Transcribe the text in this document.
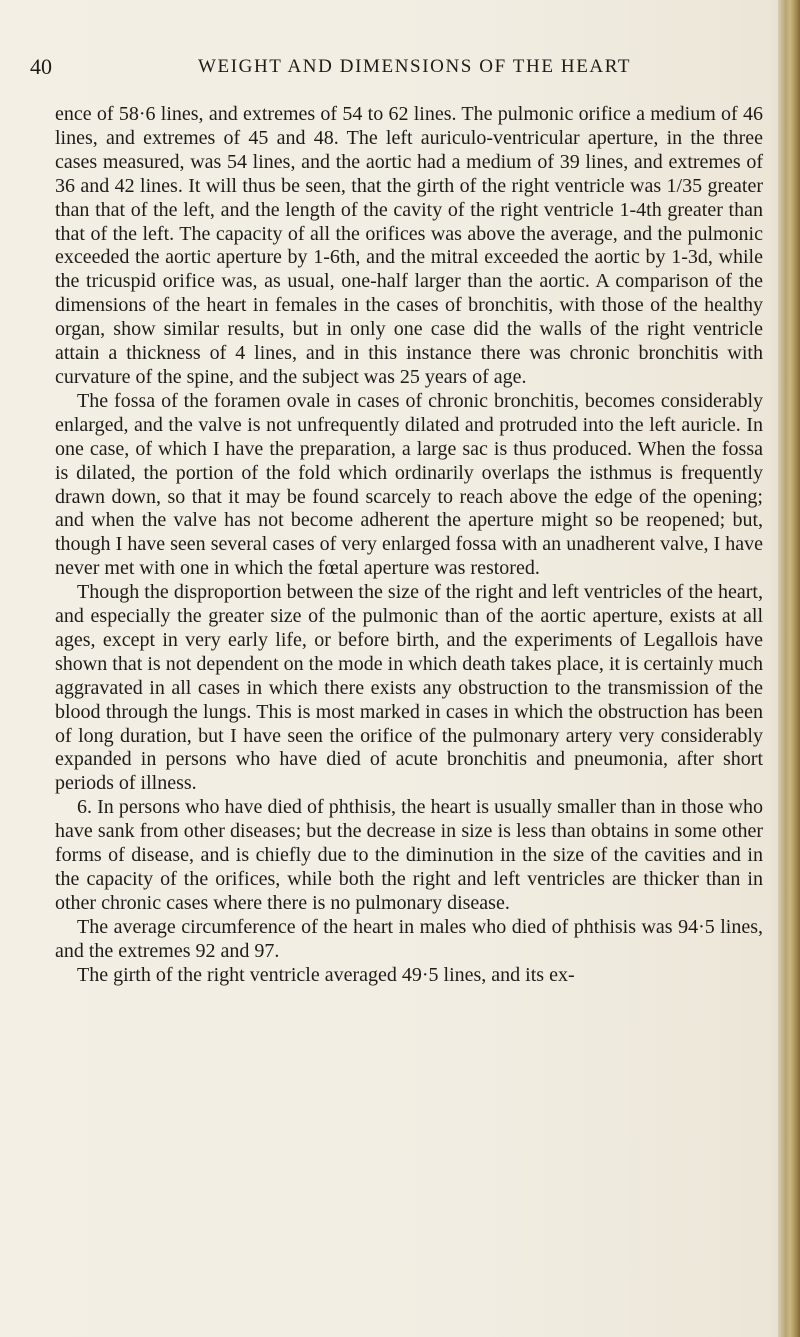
40	WEIGHT AND DIMENSIONS OF THE HEART

ence of 58·6 lines, and extremes of 54 to 62 lines. The pulmonic orifice a medium of 46 lines, and extremes of 45 and 48. The left auriculo-ventricular aperture, in the three cases measured, was 54 lines, and the aortic had a medium of 39 lines, and extremes of 36 and 42 lines. It will thus be seen, that the girth of the right ventricle was 1/35 greater than that of the left, and the length of the cavity of the right ventricle 1-4th greater than that of the left. The capacity of all the orifices was above the average, and the pulmonic exceeded the aortic aperture by 1-6th, and the mitral exceeded the aortic by 1-3d, while the tricuspid orifice was, as usual, one-half larger than the aortic. A comparison of the dimensions of the heart in females in the cases of bronchitis, with those of the healthy organ, show similar results, but in only one case did the walls of the right ventricle attain a thickness of 4 lines, and in this instance there was chronic bronchitis with curvature of the spine, and the subject was 25 years of age.

The fossa of the foramen ovale in cases of chronic bronchitis, becomes considerably enlarged, and the valve is not unfrequently dilated and protruded into the left auricle. In one case, of which I have the preparation, a large sac is thus produced. When the fossa is dilated, the portion of the fold which ordinarily overlaps the isthmus is frequently drawn down, so that it may be found scarcely to reach above the edge of the opening; and when the valve has not become adherent the aperture might so be reopened; but, though I have seen several cases of very enlarged fossa with an unadherent valve, I have never met with one in which the fœtal aperture was restored.

Though the disproportion between the size of the right and left ventricles of the heart, and especially the greater size of the pulmonic than of the aortic aperture, exists at all ages, except in very early life, or before birth, and the experiments of Legallois have shown that is not dependent on the mode in which death takes place, it is certainly much aggravated in all cases in which there exists any obstruction to the transmission of the blood through the lungs. This is most marked in cases in which the obstruction has been of long duration, but I have seen the orifice of the pulmonary artery very considerably expanded in persons who have died of acute bronchitis and pneumonia, after short periods of illness.

6. In persons who have died of phthisis, the heart is usually smaller than in those who have sank from other diseases; but the decrease in size is less than obtains in some other forms of disease, and is chiefly due to the diminution in the size of the cavities and in the capacity of the orifices, while both the right and left ventricles are thicker than in other chronic cases where there is no pulmonary disease.

The average circumference of the heart in males who died of phthisis was 94·5 lines, and the extremes 92 and 97.

The girth of the right ventricle averaged 49·5 lines, and its ex-
